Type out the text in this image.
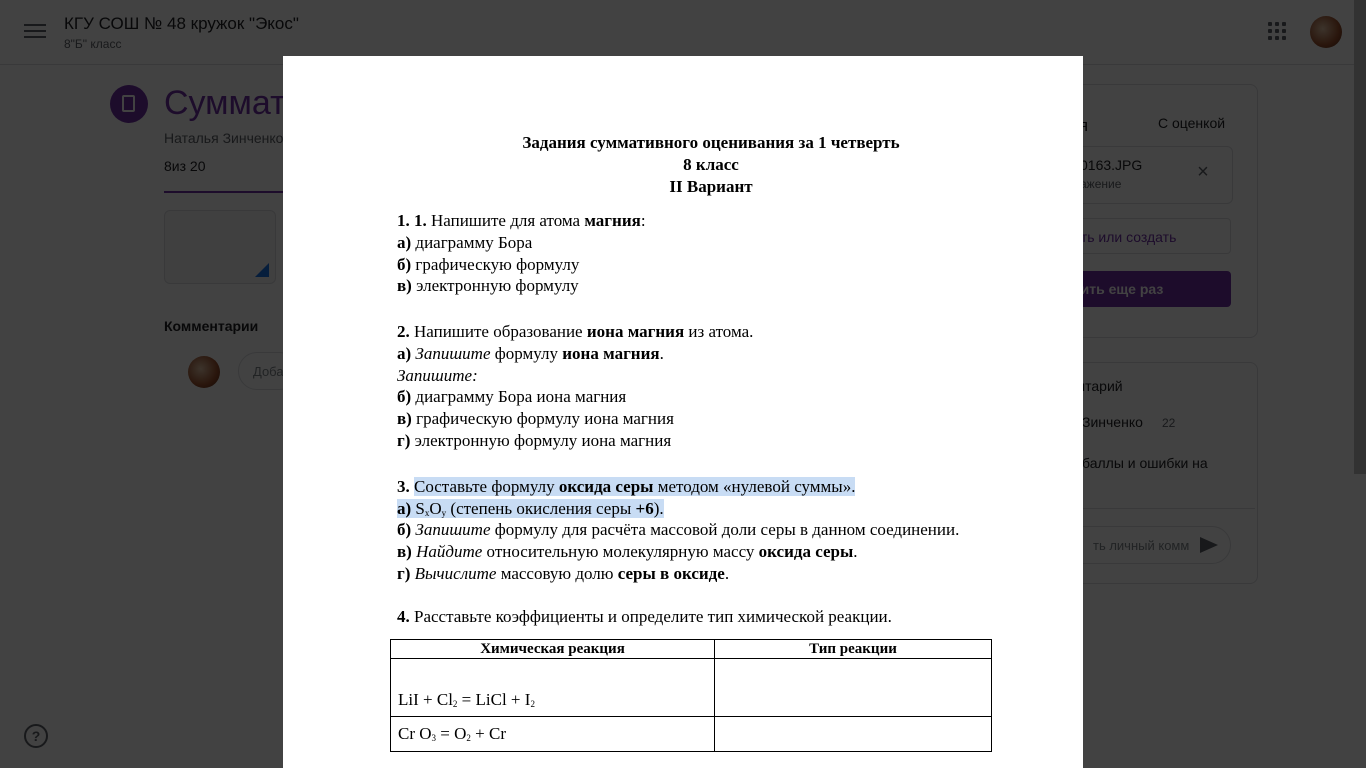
Задания суммативного оценивания за 1 четверть
8 класс
II Вариант
1. 1. Напишите для атома магния:
а) диаграмму Бора
б) графическую формулу
в) электронную формулу
2. Напишите образование иона магния из атома.
а) Запишите формулу иона магния.
Запишите:
б) диаграмму Бора иона магния
в) графическую формулу иона магния
г) электронную формулу иона магния
3. Составьте формулу оксида серы методом «нулевой суммы».
а) $S_xO_y$ (степень окисления серы +6).
б) Запишите формулу для расчёта массовой доли серы в данном соединении.
в) Найдите относительную молекулярную массу оксида серы.
г) Вычислите массовую долю серы в оксиде.
4. Расставьте коэффициенты и определите тип химической реакции.
Химическая реакция	Тип реакции
LiI + $Cl_2$ = LiCl + $I_2$	
Cr $O_3 = O_2 + Cr$	
